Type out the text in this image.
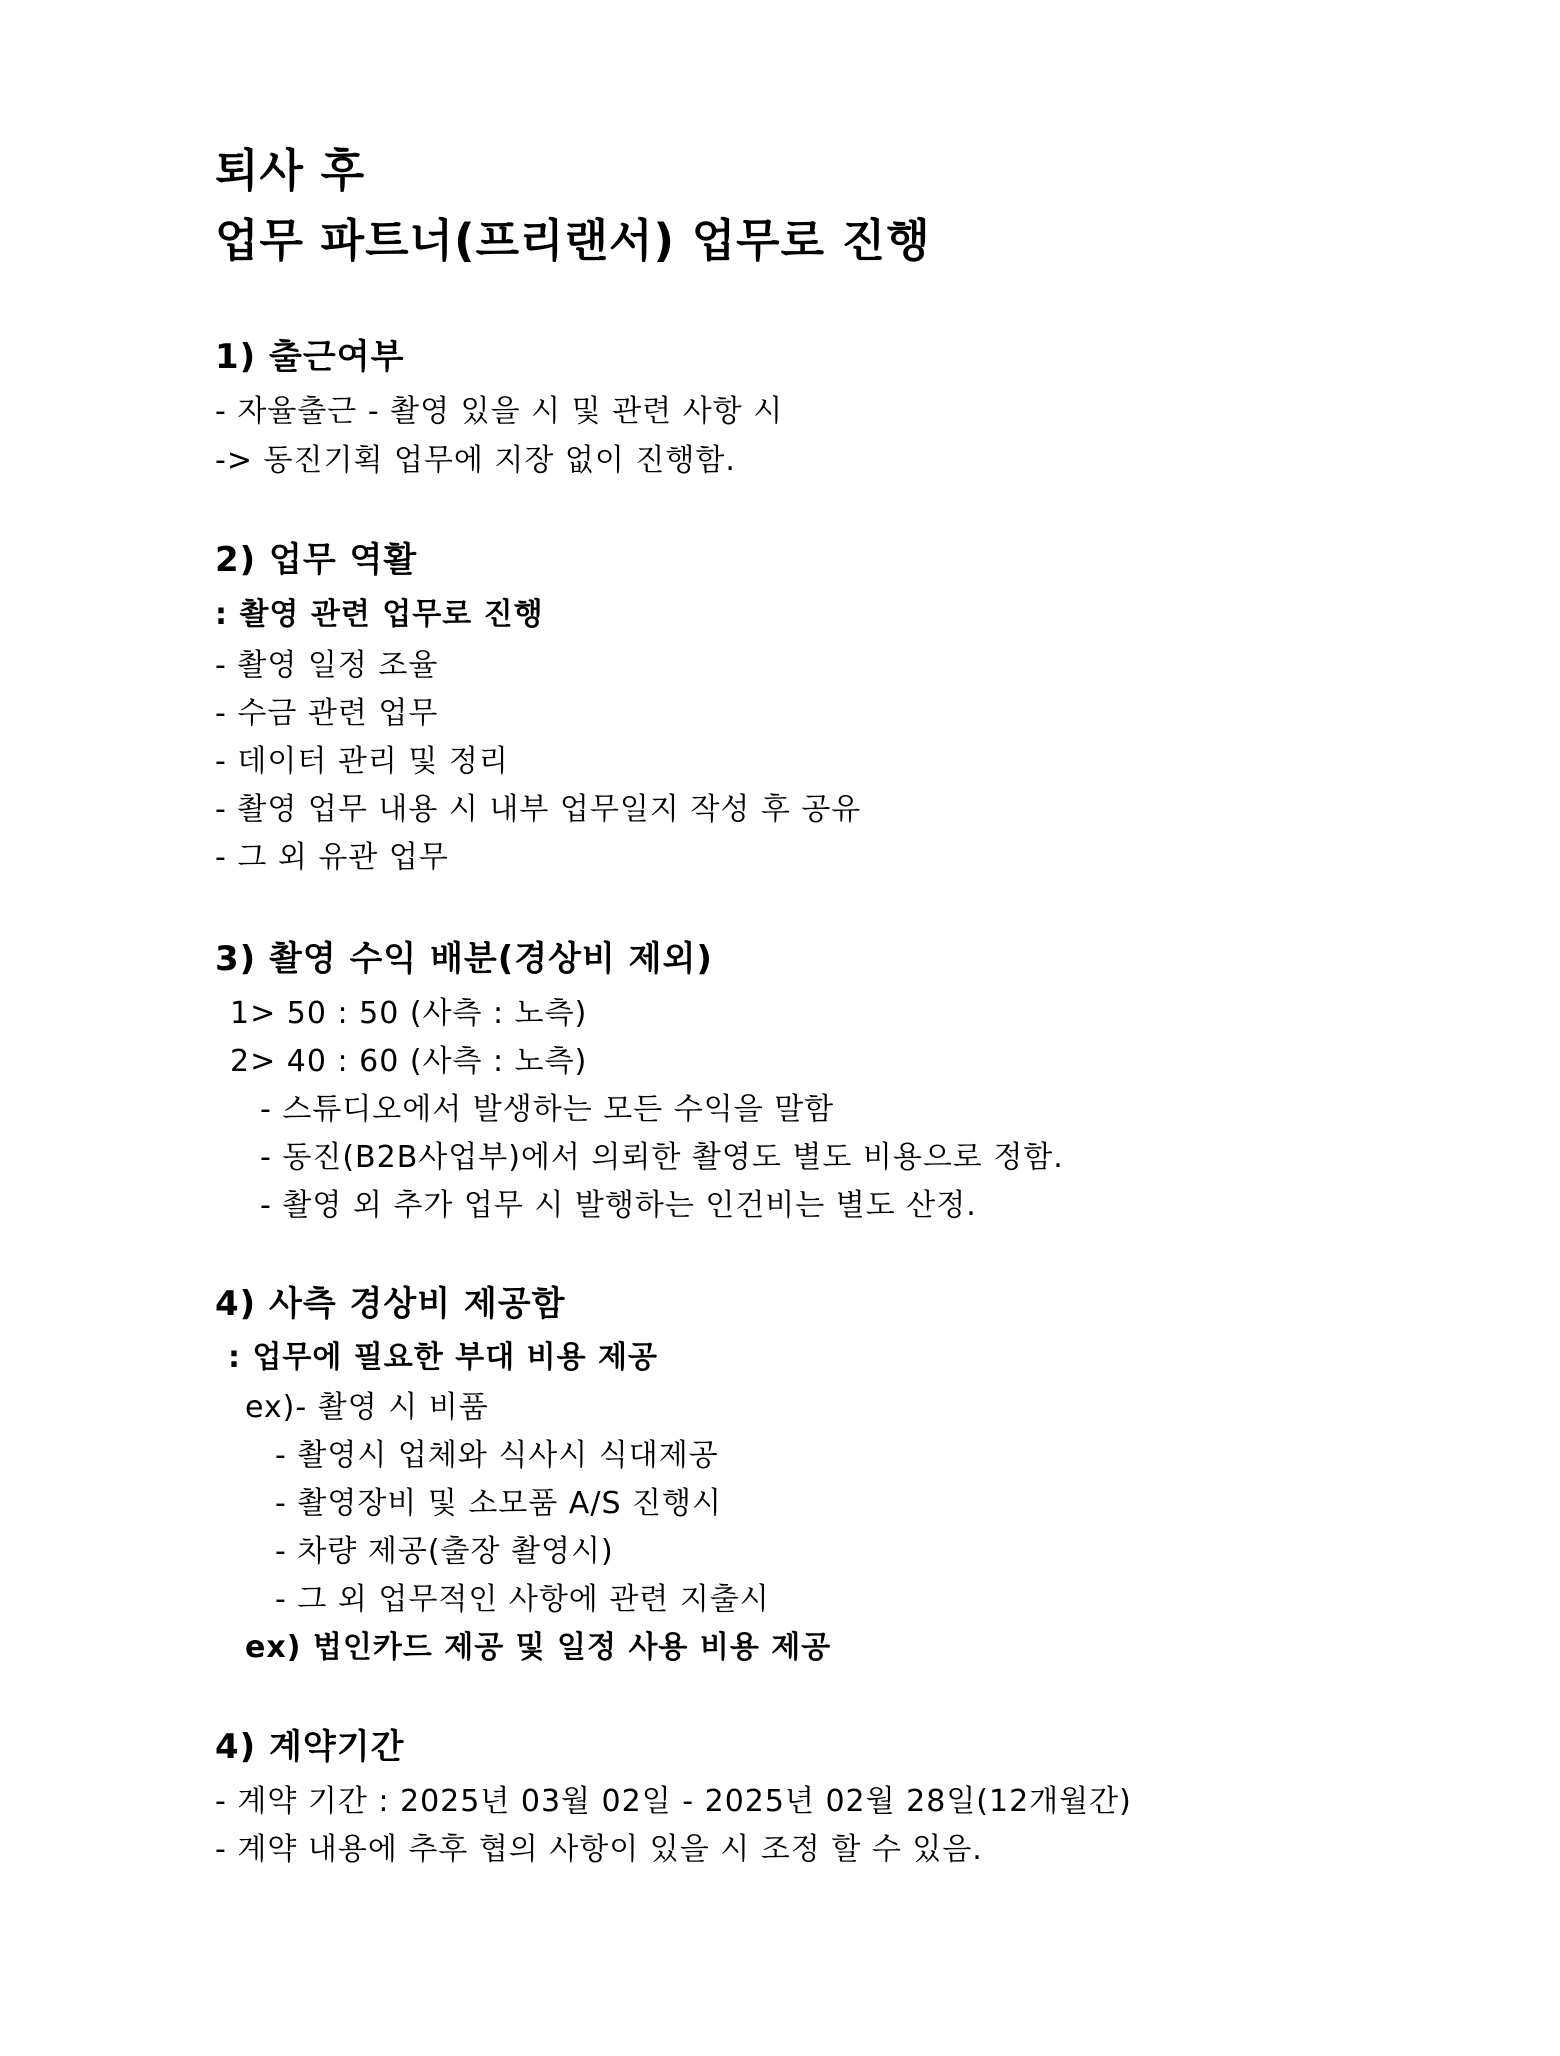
퇴사 후
업무 파트너(프리랜서) 업무로 진행
1) 출근여부
- 자율출근 - 촬영 있을 시 및 관련 사항 시
-> 동진기획 업무에 지장 없이 진행함.
2) 업무 역활
: 촬영 관련 업무로 진행
- 촬영 일정 조율
- 수금 관련 업무
- 데이터 관리 및 정리
- 촬영 업무 내용 시 내부 업무일지 작성 후 공유
- 그 외 유관 업무
3) 촬영 수익 배분(경상비 제외)
1> 50 : 50 (사측 : 노측)
2> 40 : 60 (사측 : 노측)
- 스튜디오에서 발생하는 모든 수익을 말함
- 동진(B2B사업부)에서 의뢰한 촬영도 별도 비용으로 정함.
- 촬영 외 추가 업무 시 발행하는 인건비는 별도 산정.
4) 사측 경상비 제공함
: 업무에 필요한 부대 비용 제공
ex)- 촬영 시 비품
- 촬영시 업체와 식사시 식대제공
- 촬영장비 및 소모품 A/S 진행시
- 차량 제공(출장 촬영시)
- 그 외 업무적인 사항에 관련 지출시
ex) 법인카드 제공 및 일정 사용 비용 제공
4) 계약기간
- 계약 기간 : 2025년 03월 02일 - 2025년 02월 28일(12개월간)
- 계약 내용에 추후 협의 사항이 있을 시 조정 할 수 있음.
